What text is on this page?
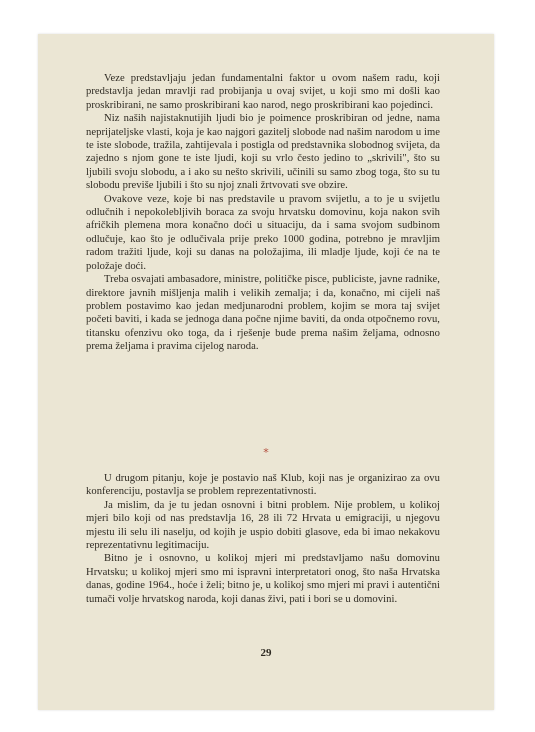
Veze predstavljaju jedan fundamentalni faktor u ovom našem radu, koji predstavlja jedan mravlji rad probijanja u ovaj svijet, u koji smo mi došli kao proskribirani, ne samo proskribirani kao narod, nego proskribirani kao pojedinci.

Niz naših najistaknutijih ljudi bio je poimence proskribiran od jedne, nama neprijateljske vlasti, koja je kao najgori gazitelj slobode nad našim narodom u ime te iste slobode, tražila, zahtijevala i postigla od predstavnika slobodnog svijeta, da zajedno s njom gone te iste ljudi, koji su vrlo često jedino to „skrivili", što su ljubili svoju slobodu, a i ako su nešto skrivili, učinili su samo zbog toga, što su tu slobodu previše ljubili i što su njoj znali žrtvovati sve obzire.

Ovakove veze, koje bi nas predstavile u pravom svijetlu, a to je u svijetlu odlučnih i nepokolebljivih boraca za svoju hrvatsku domovinu, koja nakon svih afričkih plemena mora konačno doći u situaciju, da i sama svojom sudbinom odlučuje, kao što je odlučivala prije preko 1000 godina, potrebno je mravljim radom tražiti ljude, koji su danas na položajima, ili mladje ljude, koji će na te položaje doći.

Treba osvajati ambasadore, ministre, političke pisce, publiciste, javne radnike, direktore javnih mišljenja malih i velikih zemalja; i da, konačno, mi cijeli naš problem postavimo kao jedan medjunarodni problem, kojim se mora taj svijet početi baviti, i kada se jednoga dana počne njime baviti, da onda otpočnemo rovu, titansku ofenzivu oko toga, da i rješenje bude prema našim željama, odnosno prema željama i pravima cijelog naroda.

*

U drugom pitanju, koje je postavio naš Klub, koji nas je organizirao za ovu konferenciju, postavlja se problem reprezentativnosti.

Ja mislim, da je tu jedan osnovni i bitni problem. Nije problem, u kolikoj mjeri bilo koji od nas predstavlja 16, 28 ili 72 Hrvata u emigraciji, u njegovu mjestu ili selu ili naselju, od kojih je uspio dobiti glasove, eda bi imao nekakovu reprezentativnu legitimaciju.

Bitno je i osnovno, u kolikoj mjeri mi predstavljamo našu domovinu Hrvatsku; u kolikoj mjeri smo mi ispravni interpretatori onog, što naša Hrvatska danas, godine 1964., hoće i želi; bitno je, u kolikoj smo mjeri mi pravi i autentični tumači volje hrvatskog naroda, koji danas živi, pati i bori se u domovini.

29
